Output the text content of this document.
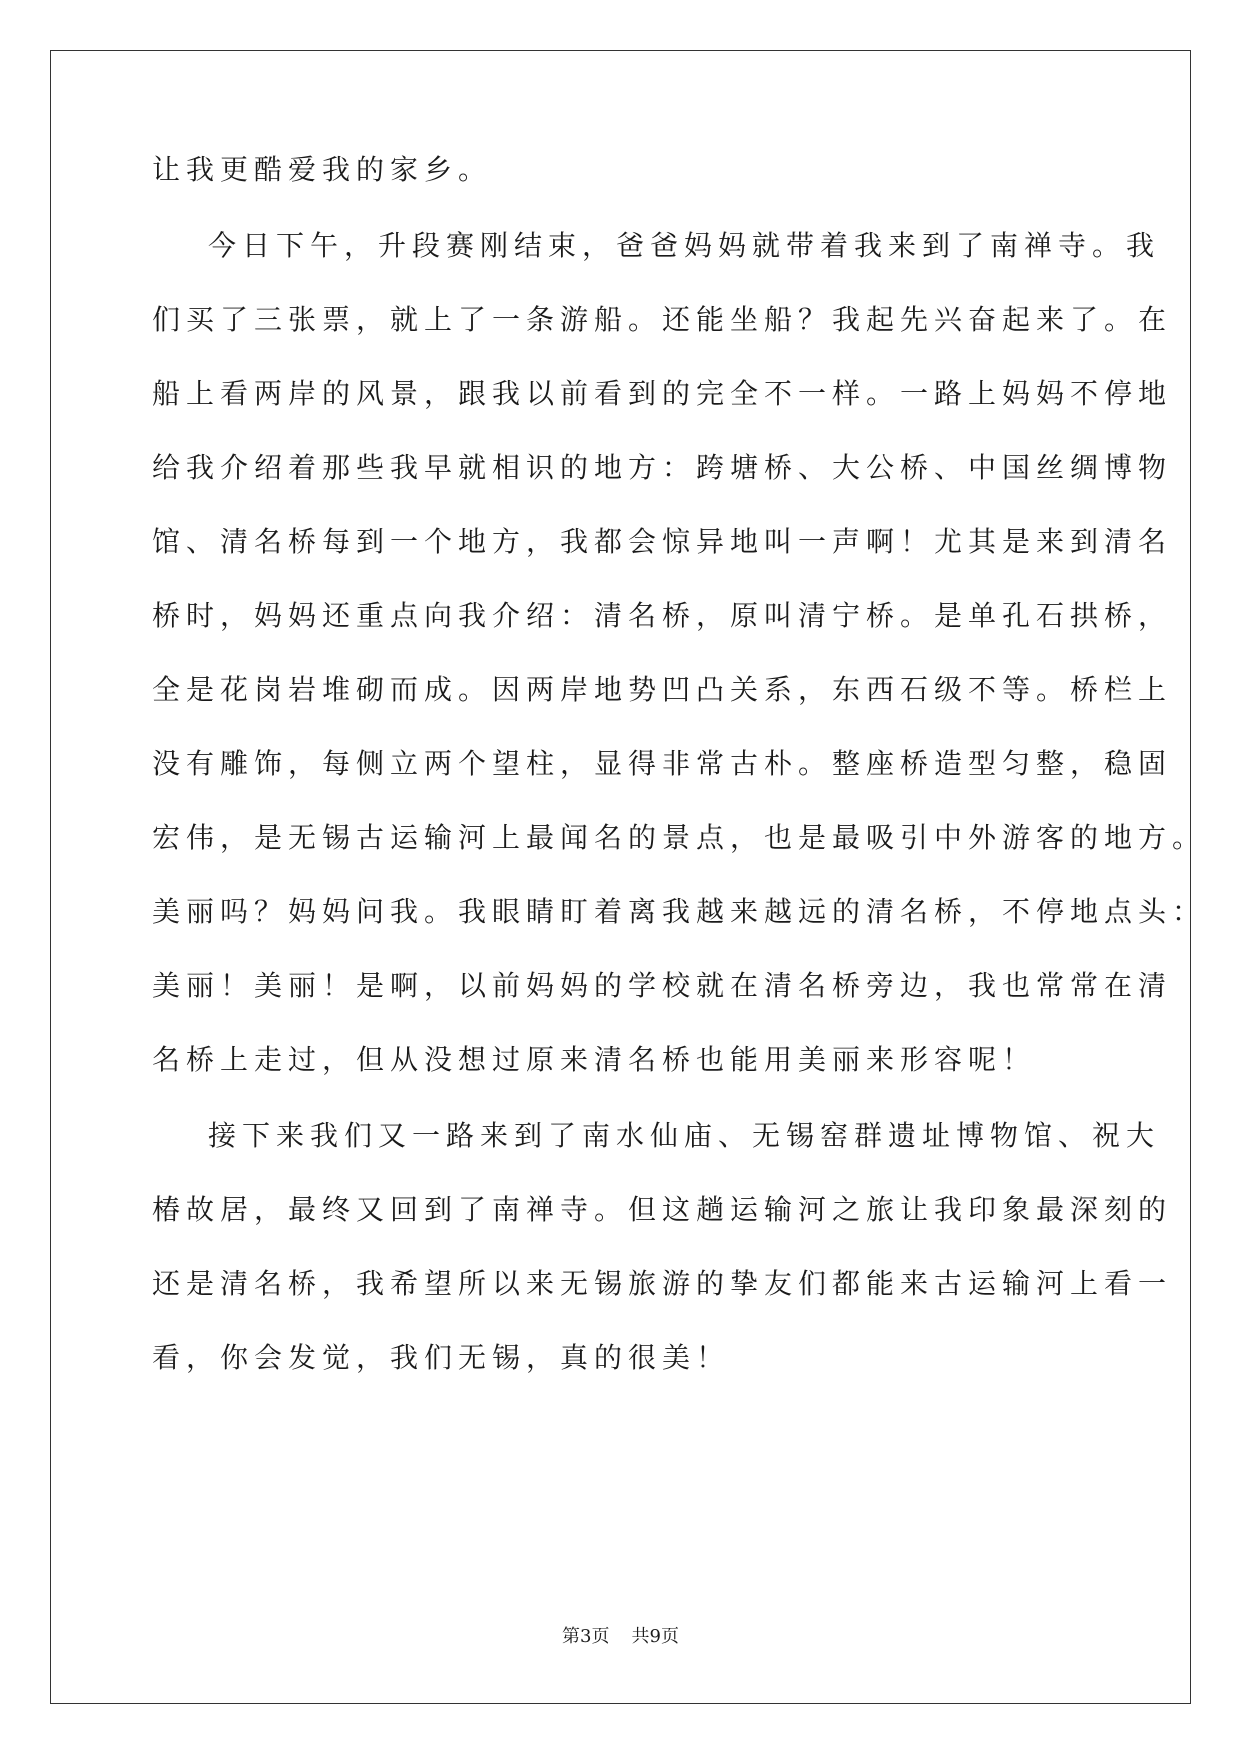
让我更酷爱我的家乡。
今日下午，升段赛刚结束，爸爸妈妈就带着我来到了南禅寺。我
们买了三张票，就上了一条游船。还能坐船？我起先兴奋起来了。在
船上看两岸的风景，跟我以前看到的完全不一样。一路上妈妈不停地
给我介绍着那些我早就相识的地方：跨塘桥、大公桥、中国丝绸博物
馆、清名桥每到一个地方，我都会惊异地叫一声啊！尤其是来到清名
桥时，妈妈还重点向我介绍：清名桥，原叫清宁桥。是单孔石拱桥，
全是花岗岩堆砌而成。因两岸地势凹凸关系，东西石级不等。桥栏上
没有雕饰，每侧立两个望柱，显得非常古朴。整座桥造型匀整，稳固
宏伟，是无锡古运输河上最闻名的景点，也是最吸引中外游客的地方。
美丽吗？妈妈问我。我眼睛盯着离我越来越远的清名桥，不停地点头：
美丽！美丽！是啊，以前妈妈的学校就在清名桥旁边，我也常常在清
名桥上走过，但从没想过原来清名桥也能用美丽来形容呢！
接下来我们又一路来到了南水仙庙、无锡窑群遗址博物馆、祝大
椿故居，最终又回到了南禅寺。但这趟运输河之旅让我印象最深刻的
还是清名桥，我希望所以来无锡旅游的挚友们都能来古运输河上看一
看，你会发觉，我们无锡，真的很美！
第3页 共9页
